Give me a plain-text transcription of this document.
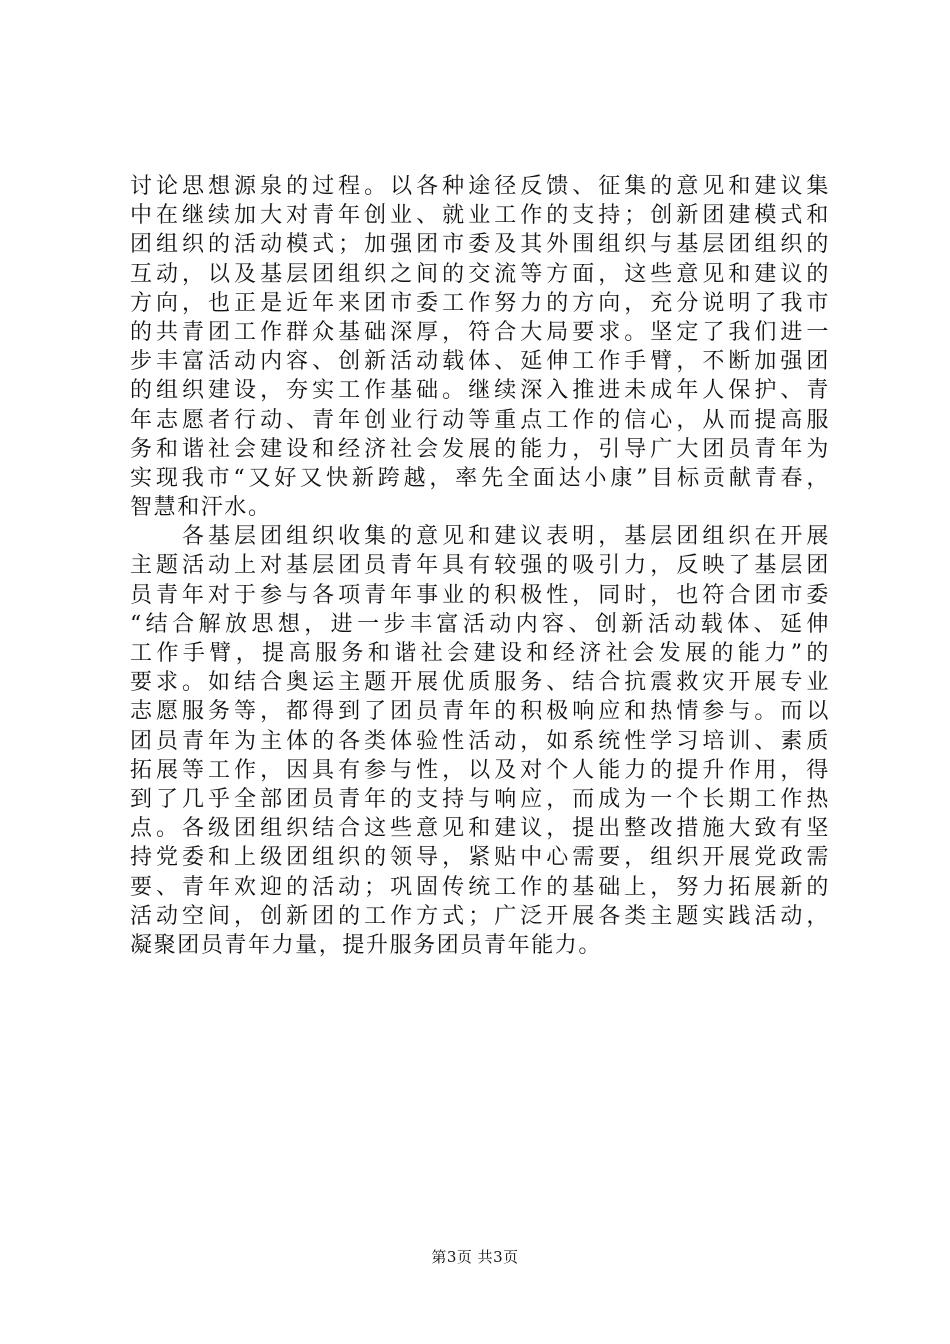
讨论思想源泉的过程。以各种途径反馈、征集的意见和建议集
中在继续加大对青年创业、就业工作的支持；创新团建模式和
团组织的活动模式；加强团市委及其外围组织与基层团组织的
互动，以及基层团组织之间的交流等方面，这些意见和建议的
方向，也正是近年来团市委工作努力的方向，充分说明了我市
的共青团工作群众基础深厚，符合大局要求。坚定了我们进一
步丰富活动内容、创新活动载体、延伸工作手臂，不断加强团
的组织建设，夯实工作基础。继续深入推进未成年人保护、青
年志愿者行动、青年创业行动等重点工作的信心，从而提高服
务和谐社会建设和经济社会发展的能力，引导广大团员青年为
实现我市“又好又快新跨越，率先全面达小康”目标贡献青春，
智慧和汗水。
　　各基层团组织收集的意见和建议表明，基层团组织在开展
主题活动上对基层团员青年具有较强的吸引力，反映了基层团
员青年对于参与各项青年事业的积极性，同时，也符合团市委
“结合解放思想，进一步丰富活动内容、创新活动载体、延伸
工作手臂，提高服务和谐社会建设和经济社会发展的能力”的
要求。如结合奥运主题开展优质服务、结合抗震救灾开展专业
志愿服务等，都得到了团员青年的积极响应和热情参与。而以
团员青年为主体的各类体验性活动，如系统性学习培训、素质
拓展等工作，因具有参与性，以及对个人能力的提升作用，得
到了几乎全部团员青年的支持与响应，而成为一个长期工作热
点。各级团组织结合这些意见和建议，提出整改措施大致有坚
持党委和上级团组织的领导，紧贴中心需要，组织开展党政需
要、青年欢迎的活动；巩固传统工作的基础上，努力拓展新的
活动空间，创新团的工作方式；广泛开展各类主题实践活动，
凝聚团员青年力量，提升服务团员青年能力。
第3页 共3页
